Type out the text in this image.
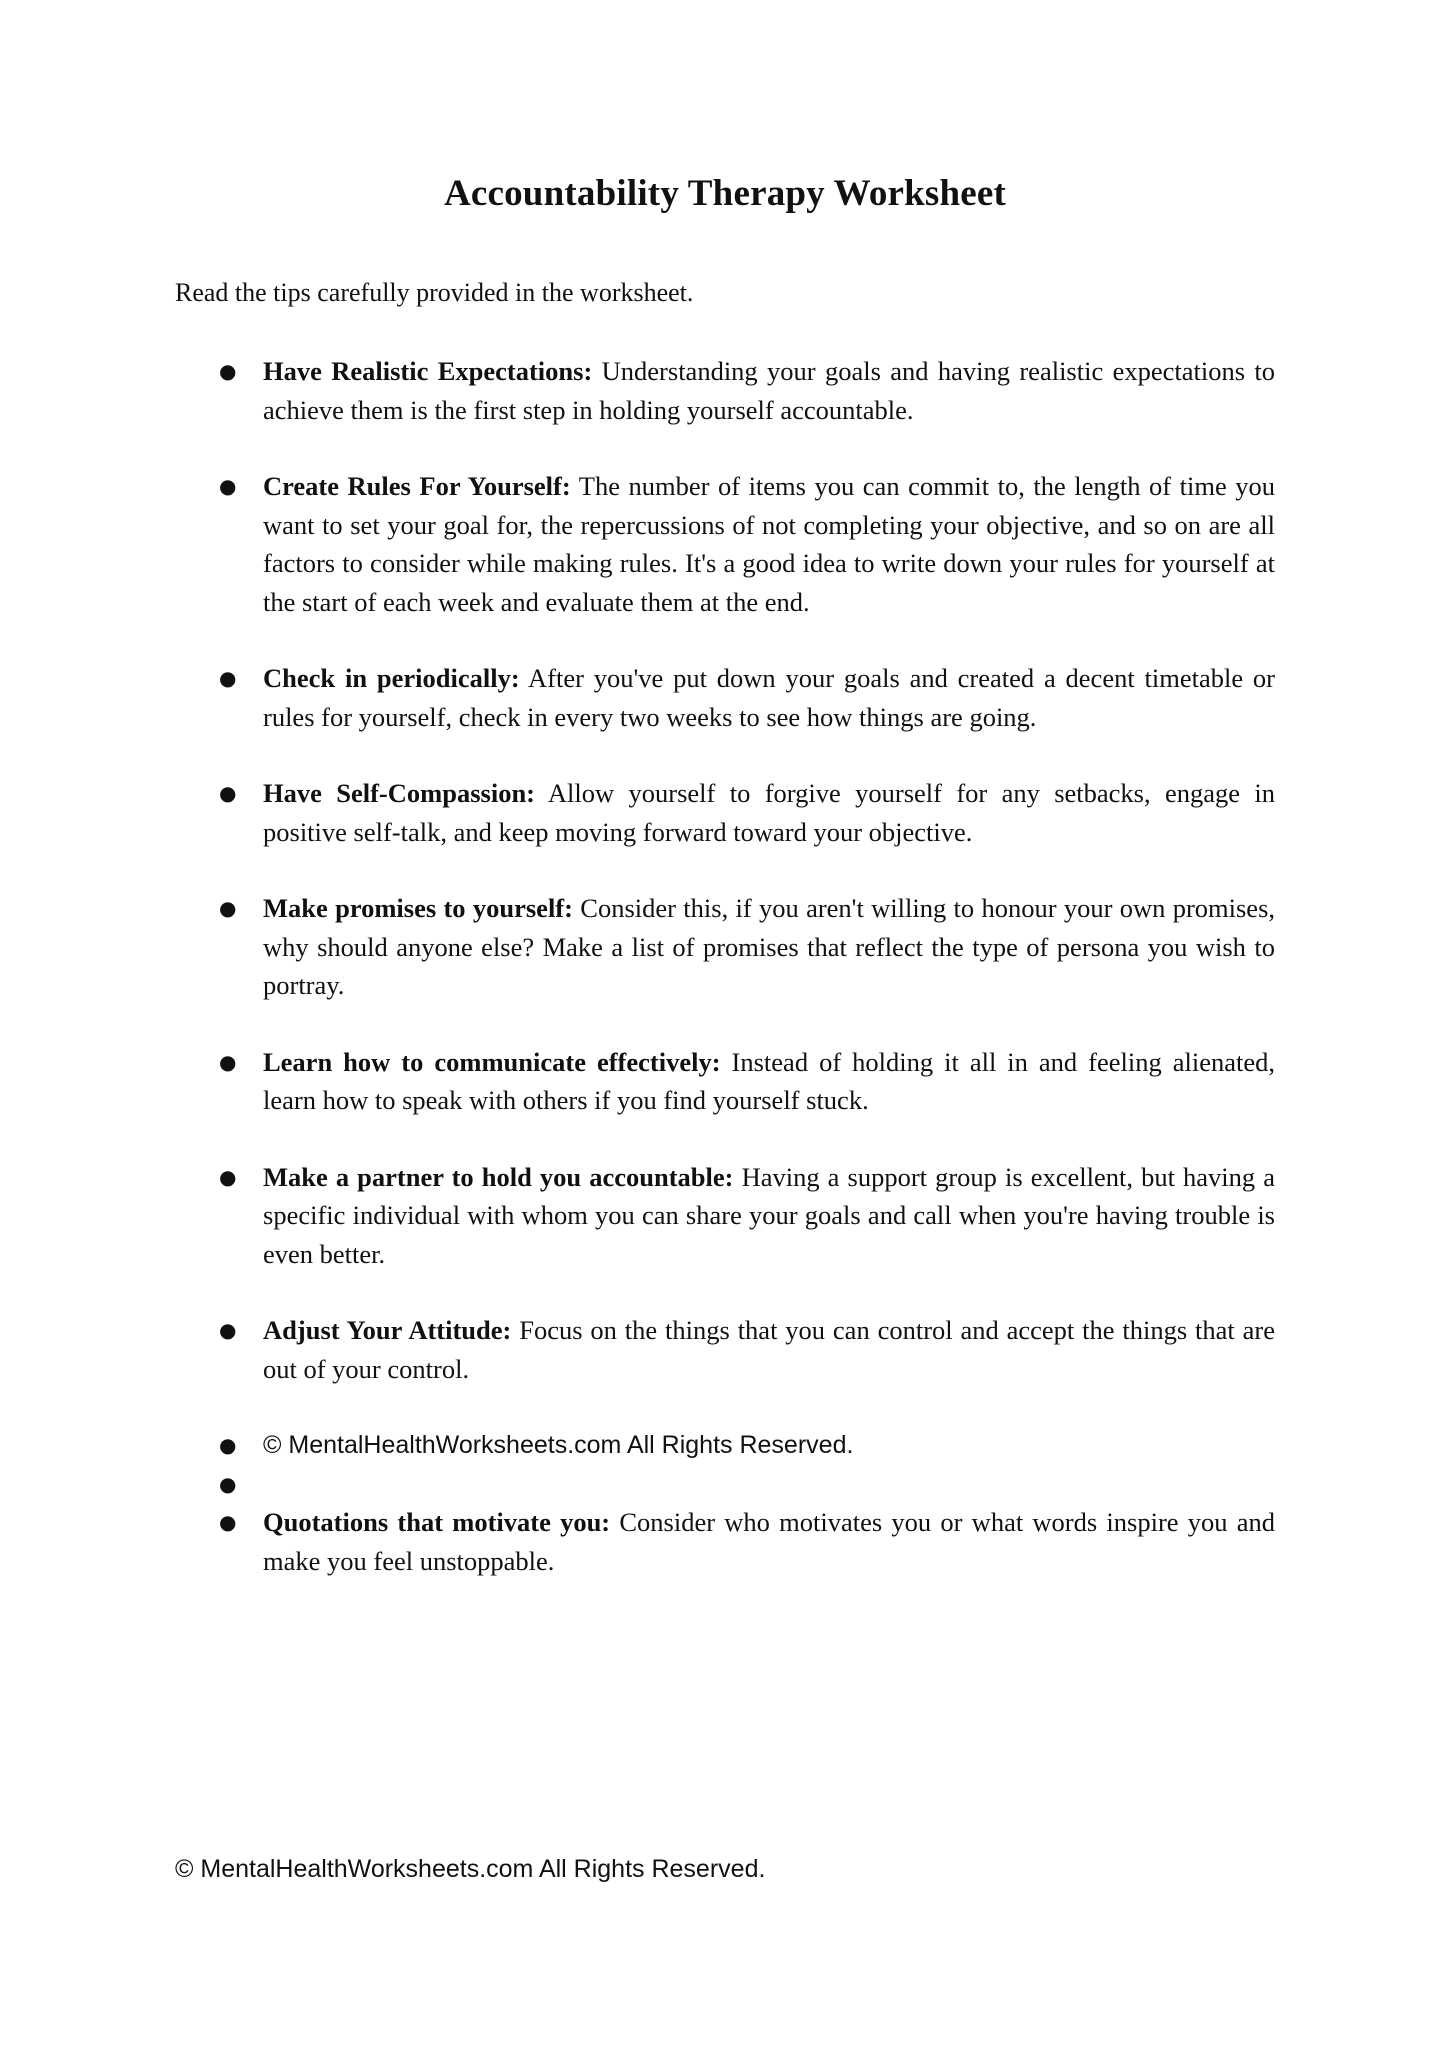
Accountability Therapy Worksheet
Read the tips carefully provided in the worksheet.
● Have Realistic Expectations: Understanding your goals and having realistic expectations to achieve them is the first step in holding yourself accountable.
● Create Rules For Yourself: The number of items you can commit to, the length of time you want to set your goal for, the repercussions of not completing your objective, and so on are all factors to consider while making rules. It's a good idea to write down your rules for yourself at the start of each week and evaluate them at the end.
● Check in periodically: After you've put down your goals and created a decent timetable or rules for yourself, check in every two weeks to see how things are going.
● Have Self-Compassion: Allow yourself to forgive yourself for any setbacks, engage in positive self-talk, and keep moving forward toward your objective.
● Make promises to yourself: Consider this, if you aren't willing to honour your own promises, why should anyone else? Make a list of promises that reflect the type of persona you wish to portray.
● Learn how to communicate effectively: Instead of holding it all in and feeling alienated, learn how to speak with others if you find yourself stuck.
● Make a partner to hold you accountable: Having a support group is excellent, but having a specific individual with whom you can share your goals and call when you're having trouble is even better.
● Adjust Your Attitude: Focus on the things that you can control and accept the things that are out of your control.
● © MentalHealthWorksheets.com All Rights Reserved.
●
● Quotations that motivate you: Consider who motivates you or what words inspire you and make you feel unstoppable.
© MentalHealthWorksheets.com All Rights Reserved.
